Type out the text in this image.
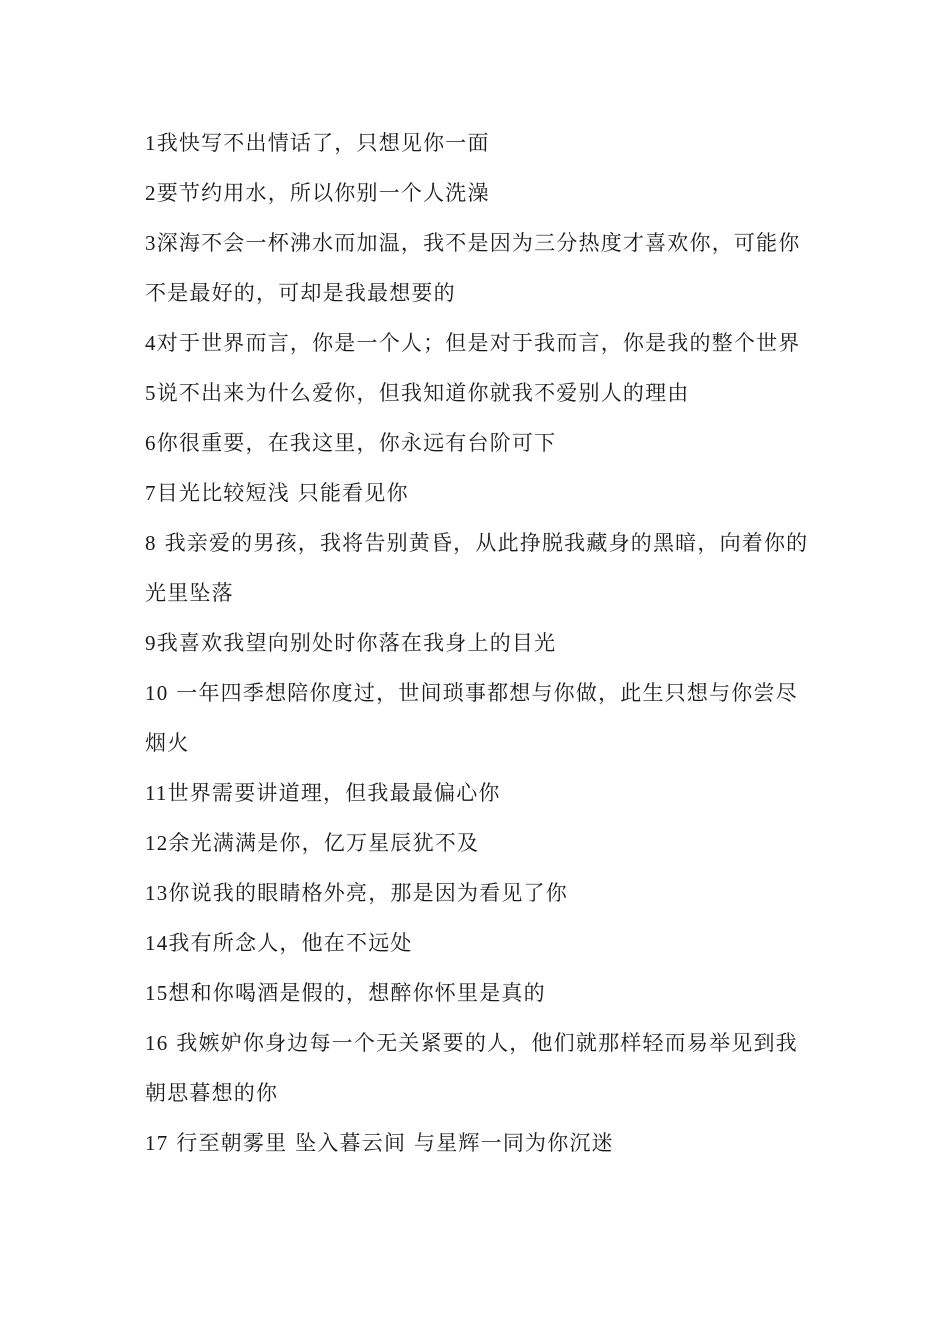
1我快写不出情话了，只想见你一面

2要节约用水，所以你别一个人洗澡

3深海不会一杯沸水而加温，我不是因为三分热度才喜欢你，可能你不是最好的，可却是我最想要的

4对于世界而言，你是一个人；但是对于我而言，你是我的整个世界

5说不出来为什么爱你，但我知道你就我不爱别人的理由

6你很重要，在我这里，你永远有台阶可下

7目光比较短浅 只能看见你

8 我亲爱的男孩，我将告别黄昏，从此挣脱我藏身的黑暗，向着你的光里坠落

9我喜欢我望向别处时你落在我身上的目光

10 一年四季想陪你度过，世间琐事都想与你做，此生只想与你尝尽烟火

11世界需要讲道理，但我最最偏心你

12余光满满是你，亿万星辰犹不及

13你说我的眼睛格外亮，那是因为看见了你

14我有所念人，他在不远处

15想和你喝酒是假的，想醉你怀里是真的

16 我嫉妒你身边每一个无关紧要的人，他们就那样轻而易举见到我朝思暮想的你

17 行至朝雾里 坠入暮云间 与星辉一同为你沉迷
